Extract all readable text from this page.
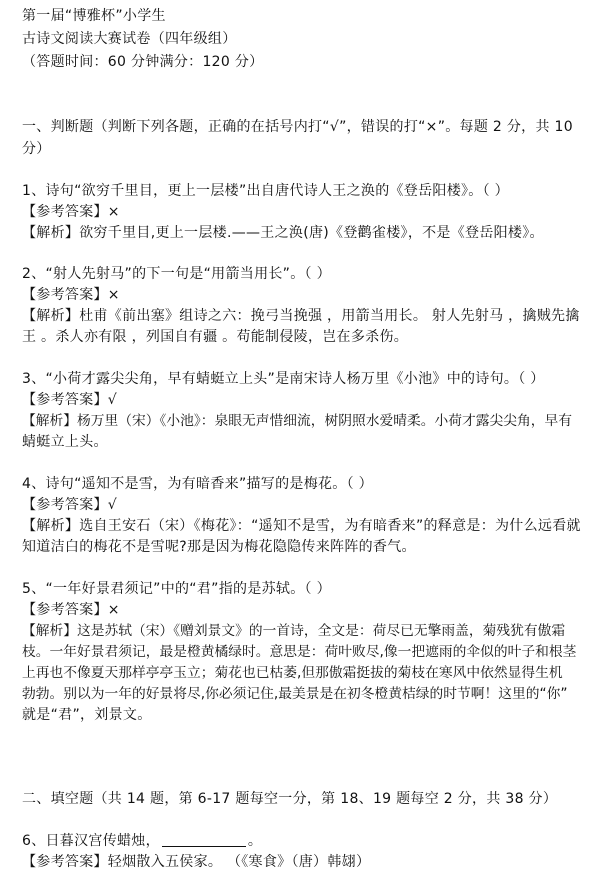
第一届“博雅杯”小学生
古诗文阅读大赛试卷（四年级组）
（答题时间：60 分钟满分：120 分）
一、判断题（判断下列各题，正确的在括号内打“√”，错误的打“×”。每题 2 分，共 10
分）
1、诗句“欲穷千里目，更上一层楼”出自唐代诗人王之涣的《登岳阳楼》。（ ）
【参考答案】×
【解析】欲穷千里目,更上一层楼.——王之涣(唐)《登鹳雀楼》，不是《登岳阳楼》。
2、“射人先射马”的下一句是“用箭当用长”。（ ）
【参考答案】×
【解析】杜甫《前出塞》组诗之六：挽弓当挽强 ，用箭当用长。 射人先射马 ，擒贼先擒
王 。杀人亦有限 ，列国自有疆 。苟能制侵陵，岂在多杀伤。
3、“小荷才露尖尖角，早有蜻蜓立上头”是南宋诗人杨万里《小池》中的诗句。（ ）
【参考答案】√
【解析】杨万里（宋）《小池》：泉眼无声惜细流，树阴照水爱晴柔。小荷才露尖尖角，早有
蜻蜓立上头。
4、诗句“遥知不是雪，为有暗香来”描写的是梅花。（ ）
【参考答案】√
【解析】选自王安石（宋）《梅花》：“遥知不是雪，为有暗香来”的释意是：为什么远看就
知道洁白的梅花不是雪呢?那是因为梅花隐隐传来阵阵的香气。
5、“一年好景君须记”中的“君”指的是苏轼。（ ）
【参考答案】×
【解析】这是苏轼（宋）《赠刘景文》的一首诗，全文是：荷尽已无擎雨盖，菊残犹有傲霜
枝。一年好景君须记，最是橙黄橘绿时。意思是：荷叶败尽,像一把遮雨的伞似的叶子和根茎
上再也不像夏天那样亭亭玉立；菊花也已枯萎,但那傲霜挺拔的菊枝在寒风中依然显得生机
勃勃。别以为一年的好景将尽,你必须记住,最美景是在初冬橙黄桔绿的时节啊！这里的“你”
就是“君”，刘景文。
二、填空题（共 14 题，第 6-17 题每空一分，第 18、19 题每空 2 分，共 38 分）
6、日暮汉宫传蜡烛，	。
【参考答案】轻烟散入五侯家。 （《寒食》（唐）韩翃）
